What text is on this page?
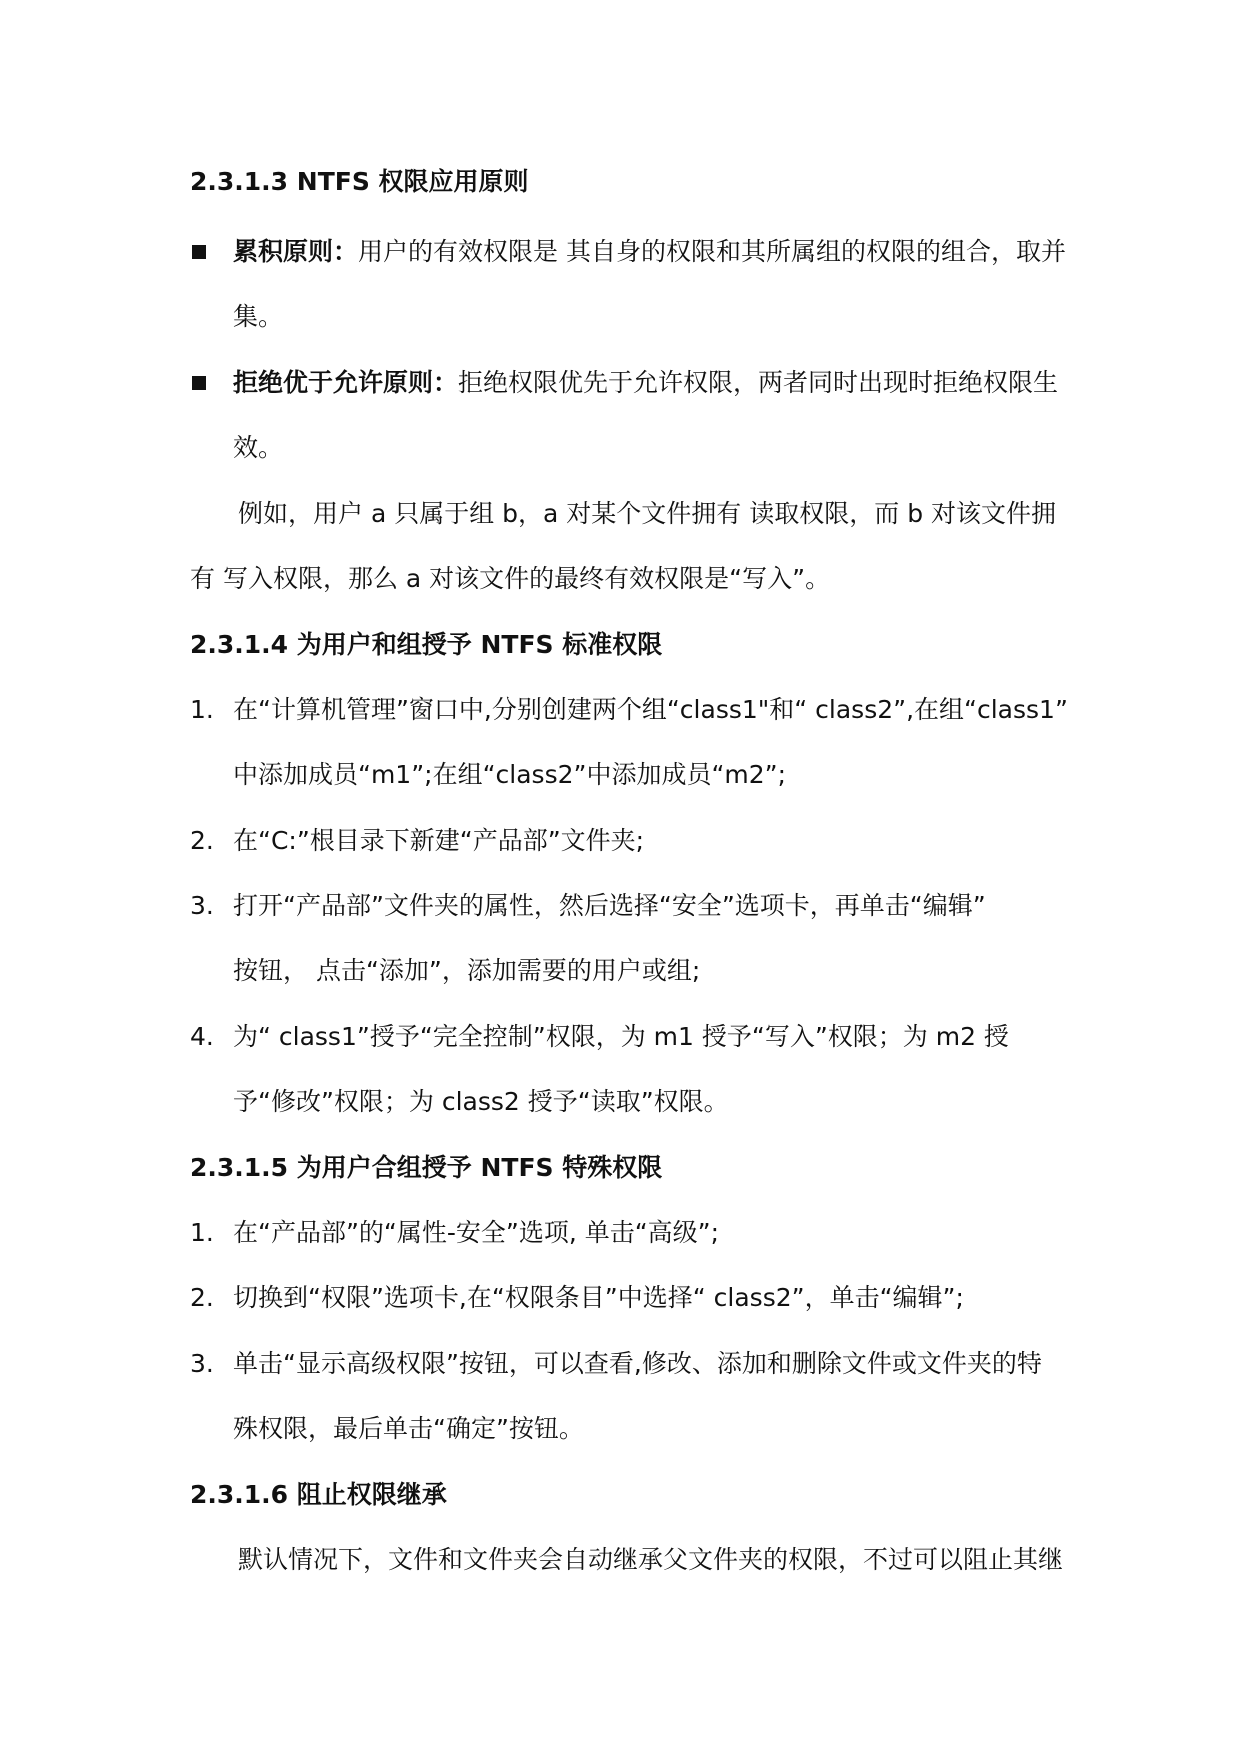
2.3.1.3 NTFS 权限应用原则
累积原则：用户的有效权限是 其自身的权限和其所属组的权限的组合，取并
集。
拒绝优于允许原则：拒绝权限优先于允许权限，两者同时出现时拒绝权限生
效。
例如，用户 a 只属于组 b，a 对某个文件拥有 读取权限，而 b 对该文件拥
有 写入权限，那么 a 对该文件的最终有效权限是“写入”。
2.3.1.4 为用户和组授予 NTFS 标准权限
1. 在“计算机管理”窗口中,分别创建两个组“class1"和“ class2”,在组“class1”
中添加成员“m1”;在组“class2”中添加成员“m2”;
2. 在“C:”根目录下新建“产品部”文件夹;
3. 打开“产品部”文件夹的属性，然后选择“安全”选项卡，再单击“编辑”
按钮， 点击“添加”，添加需要的用户或组;
4. 为“ class1”授予“完全控制”权限，为 m1 授予“写入”权限；为 m2 授
予“修改”权限；为 class2 授予“读取”权限。
2.3.1.5 为用户合组授予 NTFS 特殊权限
1. 在“产品部”的“属性-安全”选项, 单击“高级”;
2. 切换到“权限”选项卡,在“权限条目”中选择“ class2”，单击“编辑”;
3. 单击“显示高级权限”按钮，可以查看,修改、添加和删除文件或文件夹的特
殊权限，最后单击“确定”按钮。
2.3.1.6 阻止权限继承
默认情况下，文件和文件夹会自动继承父文件夹的权限，不过可以阻止其继
